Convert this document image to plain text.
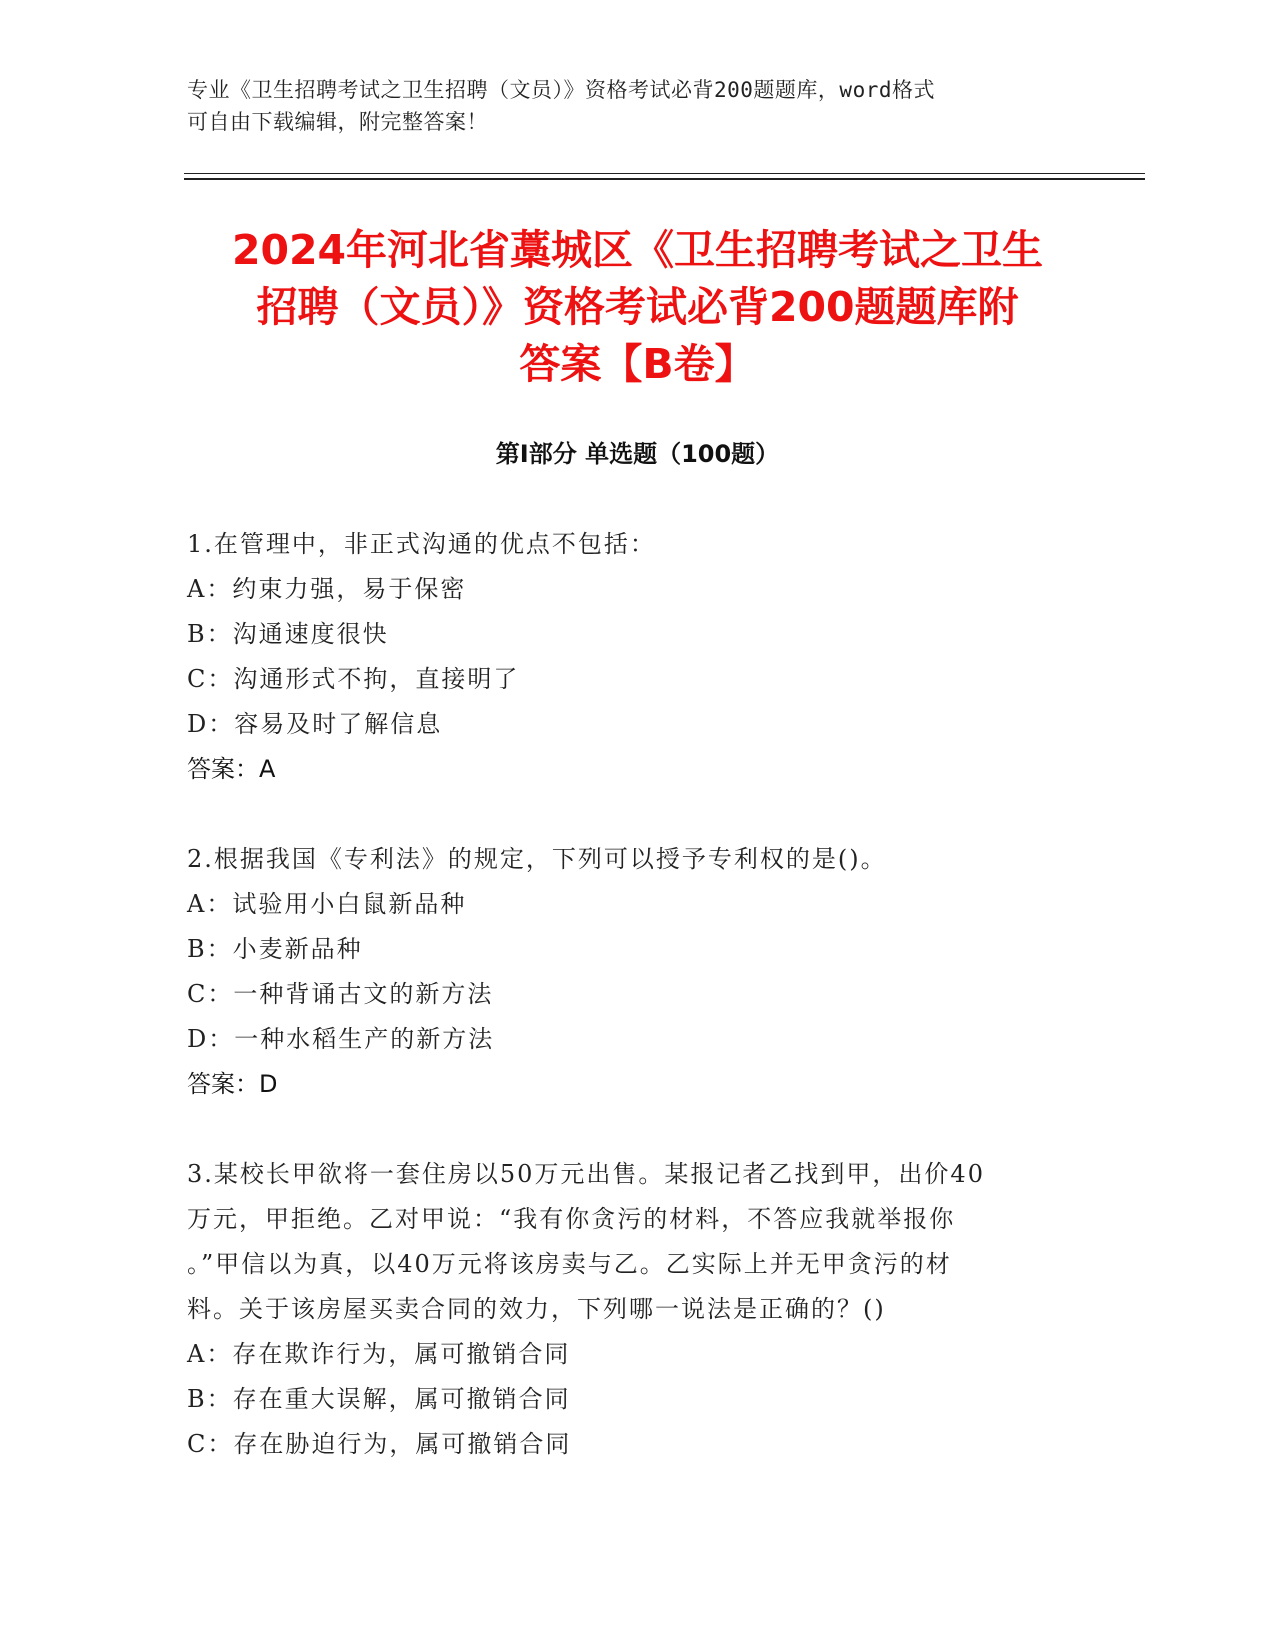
专业《卫生招聘考试之卫生招聘（文员）》资格考试必背200题题库，word格式
可自由下载编辑，附完整答案！
2024年河北省藁城区《卫生招聘考试之卫生
招聘（文员）》资格考试必背200题题库附
答案【B卷】
第Ⅰ部分 单选题（100题）
1.在管理中，非正式沟通的优点不包括：
A：约束力强，易于保密
B：沟通速度很快
C：沟通形式不拘，直接明了
D：容易及时了解信息
答案：A
2.根据我国《专利法》的规定，下列可以授予专利权的是()。
A：试验用小白鼠新品种
B：小麦新品种
C：一种背诵古文的新方法
D：一种水稻生产的新方法
答案：D
3.某校长甲欲将一套住房以50万元出售。某报记者乙找到甲，出价40
万元，甲拒绝。乙对甲说：“我有你贪污的材料，不答应我就举报你
。”甲信以为真，以40万元将该房卖与乙。乙实际上并无甲贪污的材
料。关于该房屋买卖合同的效力，下列哪一说法是正确的？()
A：存在欺诈行为，属可撤销合同
B：存在重大误解，属可撤销合同
C：存在胁迫行为，属可撤销合同
